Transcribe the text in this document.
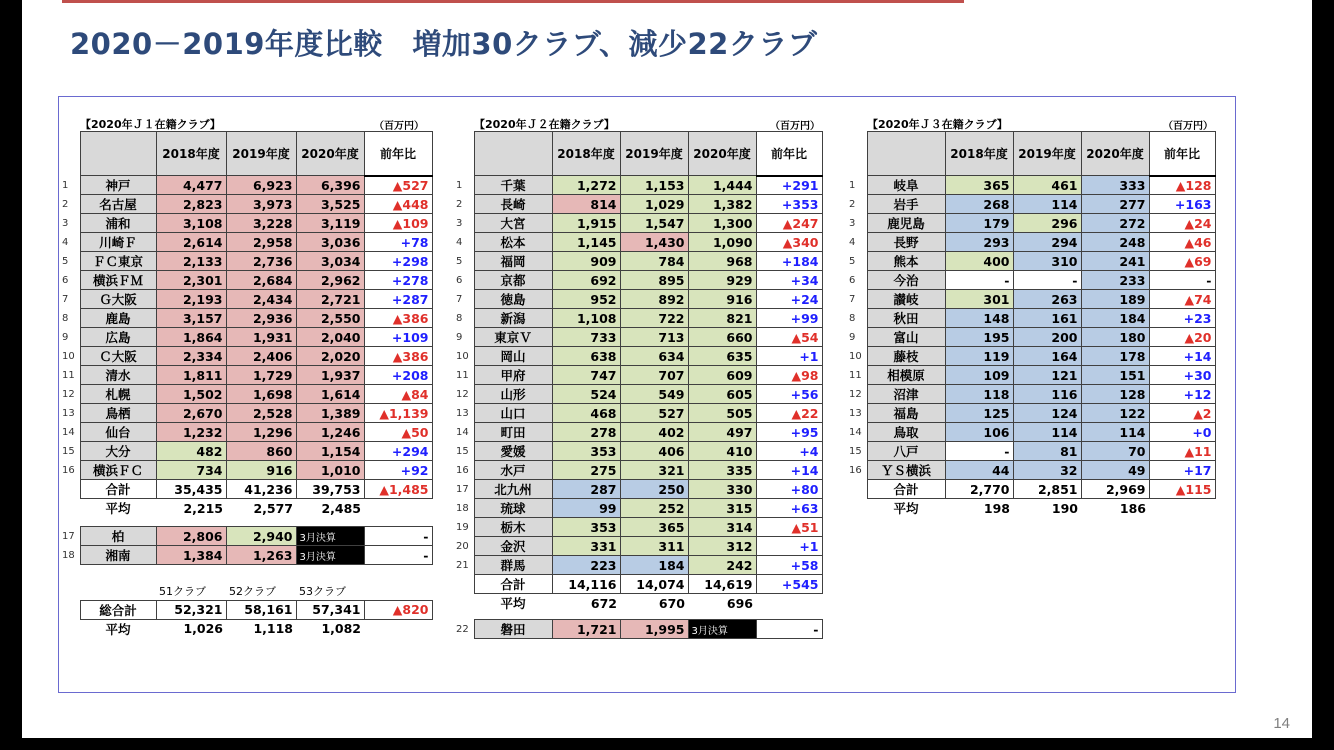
2020－2019年度比較　増加30クラブ、減少22クラブ
【2020年Ｊ１在籍クラブ】	（百万円）
		2018年度	2019年度	2020年度	前年比
1	神戸	4,477	6,923	6,396	▲527
2	名古屋	2,823	3,973	3,525	▲448
3	浦和	3,108	3,228	3,119	▲109
4	川崎Ｆ	2,614	2,958	3,036	+78
5	ＦＣ東京	2,133	2,736	3,034	+298
6	横浜ＦＭ	2,301	2,684	2,962	+278
7	Ｇ大阪	2,193	2,434	2,721	+287
8	鹿島	3,157	2,936	2,550	▲386
9	広島	1,864	1,931	2,040	+109
10	Ｃ大阪	2,334	2,406	2,020	▲386
11	清水	1,811	1,729	1,937	+208
12	札幌	1,502	1,698	1,614	▲84
13	鳥栖	2,670	2,528	1,389	▲1,139
14	仙台	1,232	1,296	1,246	▲50
15	大分	482	860	1,154	+294
16	横浜ＦＣ	734	916	1,010	+92
	合計	35,435	41,236	39,753	▲1,485
	平均	2,215	2,577	2,485	
17	柏	2,806	2,940	3月決算	-
18	湘南	1,384	1,263	3月決算	-
		51クラブ	52クラブ	53クラブ	
	総合計	52,321	58,161	57,341	▲820
	平均	1,026	1,118	1,082	
【2020年Ｊ２在籍クラブ】	（百万円）
		2018年度	2019年度	2020年度	前年比
1	千葉	1,272	1,153	1,444	+291
2	長崎	814	1,029	1,382	+353
3	大宮	1,915	1,547	1,300	▲247
4	松本	1,145	1,430	1,090	▲340
5	福岡	909	784	968	+184
6	京都	692	895	929	+34
7	徳島	952	892	916	+24
8	新潟	1,108	722	821	+99
9	東京Ｖ	733	713	660	▲54
10	岡山	638	634	635	+1
11	甲府	747	707	609	▲98
12	山形	524	549	605	+56
13	山口	468	527	505	▲22
14	町田	278	402	497	+95
15	愛媛	353	406	410	+4
16	水戸	275	321	335	+14
17	北九州	287	250	330	+80
18	琉球	99	252	315	+63
19	栃木	353	365	314	▲51
20	金沢	331	311	312	+1
21	群馬	223	184	242	+58
	合計	14,116	14,074	14,619	+545
	平均	672	670	696	
22	磐田	1,721	1,995	3月決算	-
【2020年Ｊ３在籍クラブ】	（百万円）
		2018年度	2019年度	2020年度	前年比
1	岐阜	365	461	333	▲128
2	岩手	268	114	277	+163
3	鹿児島	179	296	272	▲24
4	長野	293	294	248	▲46
5	熊本	400	310	241	▲69
6	今治	-	-	233	-
7	讃岐	301	263	189	▲74
8	秋田	148	161	184	+23
9	富山	195	200	180	▲20
10	藤枝	119	164	178	+14
11	相模原	109	121	151	+30
12	沼津	118	116	128	+12
13	福島	125	124	122	▲2
14	鳥取	106	114	114	+0
15	八戸	-	81	70	▲11
16	ＹＳ横浜	44	32	49	+17
	合計	2,770	2,851	2,969	▲115
	平均	198	190	186	
14
